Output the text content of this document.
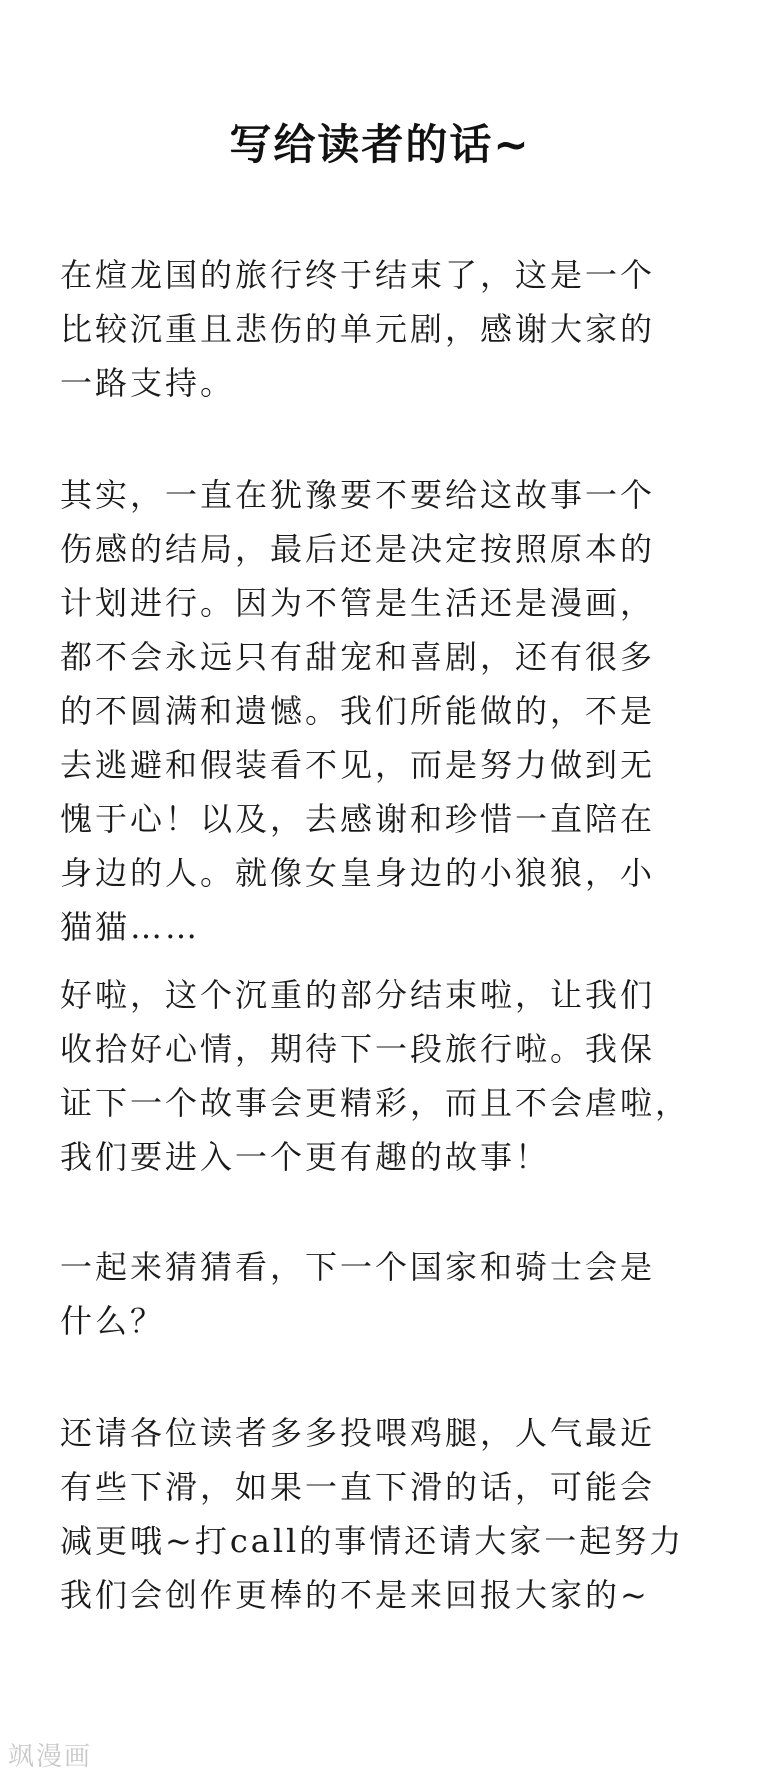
写给读者的话~

在煊龙国的旅行终于结束了，这是一个
比较沉重且悲伤的单元剧，感谢大家的
一路支持。

其实，一直在犹豫要不要给这故事一个
伤感的结局，最后还是决定按照原本的
计划进行。因为不管是生活还是漫画，
都不会永远只有甜宠和喜剧，还有很多
的不圆满和遗憾。我们所能做的，不是
去逃避和假装看不见，而是努力做到无
愧于心！以及，去感谢和珍惜一直陪在
身边的人。就像女皇身边的小狼狼，小
猫猫……

好啦，这个沉重的部分结束啦，让我们
收拾好心情，期待下一段旅行啦。我保
证下一个故事会更精彩，而且不会虐啦，
我们要进入一个更有趣的故事！

一起来猜猜看，下一个国家和骑士会是
什么？

还请各位读者多多投喂鸡腿，人气最近
有些下滑，如果一直下滑的话，可能会
减更哦~打call的事情还请大家一起努力
我们会创作更棒的不是来回报大家的~

飒漫画
